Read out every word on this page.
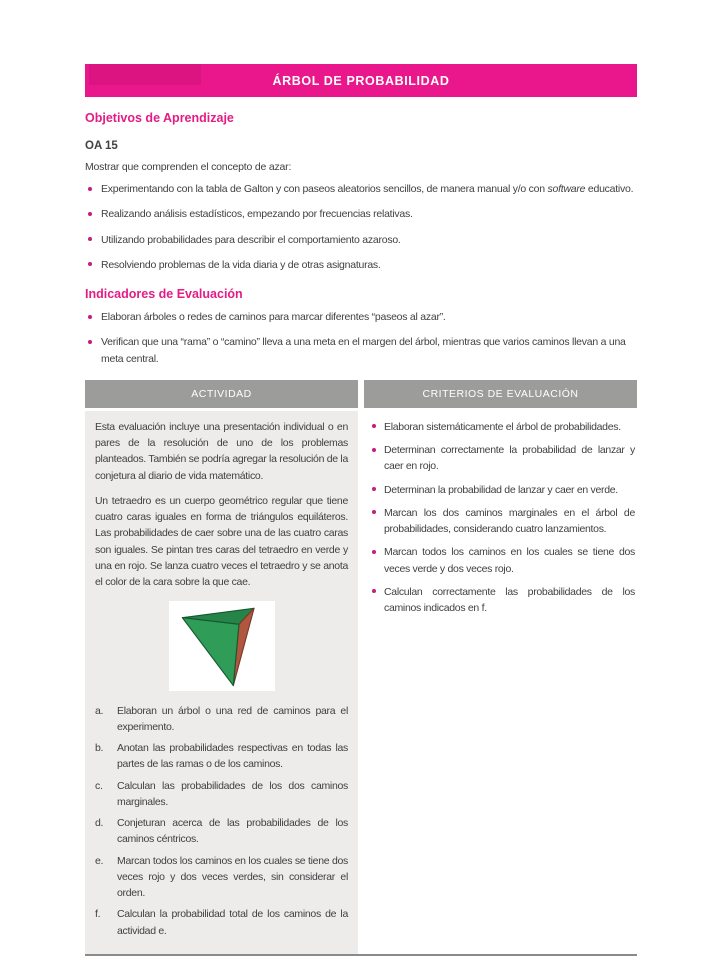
ÁRBOL DE PROBABILIDAD
Objetivos de Aprendizaje
OA 15
Mostrar que comprenden el concepto de azar:
Experimentando con la tabla de Galton y con paseos aleatorios sencillos, de manera manual y/o con software educativo.
Realizando análisis estadísticos, empezando por frecuencias relativas.
Utilizando probabilidades para describir el comportamiento azaroso.
Resolviendo problemas de la vida diaria y de otras asignaturas.
Indicadores de Evaluación
Elaboran árboles o redes de caminos para marcar diferentes “paseos al azar”.
Verifican que una “rama” o “camino” lleva a una meta en el margen del árbol, mientras que varios caminos llevan a una meta central.
ACTIVIDAD	CRITERIOS DE EVALUACIÓN

Esta evaluación incluye una presentación individual o en pares de la resolución de uno de los problemas planteados. También se podría agregar la resolución de la conjetura al diario de vida matemático.

Un tetraedro es un cuerpo geométrico regular que tiene cuatro caras iguales en forma de triángulos equiláteros. Las probabilidades de caer sobre una de las cuatro caras son iguales. Se pintan tres caras del tetraedro en verde y una en rojo. Se lanza cuatro veces el tetraedro y se anota el color de la cara sobre la que cae.

a.	Elaboran un árbol o una red de caminos para el experimento.
b.	Anotan las probabilidades respectivas en todas las partes de las ramas o de los caminos.
c.	Calculan las probabilidades de los dos caminos marginales.
d.	Conjeturan acerca de las probabilidades de los caminos céntricos.
e.	Marcan todos los caminos en los cuales se tiene dos veces rojo y dos veces verdes, sin considerar el orden.
f.	Calculan la probabilidad total de los caminos de la actividad e.
Elaboran sistemáticamente el árbol de probabilidades.
Determinan correctamente la probabilidad de lanzar y caer en rojo.
Determinan la probabilidad de lanzar y caer en verde.
Marcan los dos caminos marginales en el árbol de probabilidades, considerando cuatro lanzamientos.
Marcan todos los caminos en los cuales se tiene dos veces verde y dos veces rojo.
Calculan correctamente las probabilidades de los caminos indicados en f.
